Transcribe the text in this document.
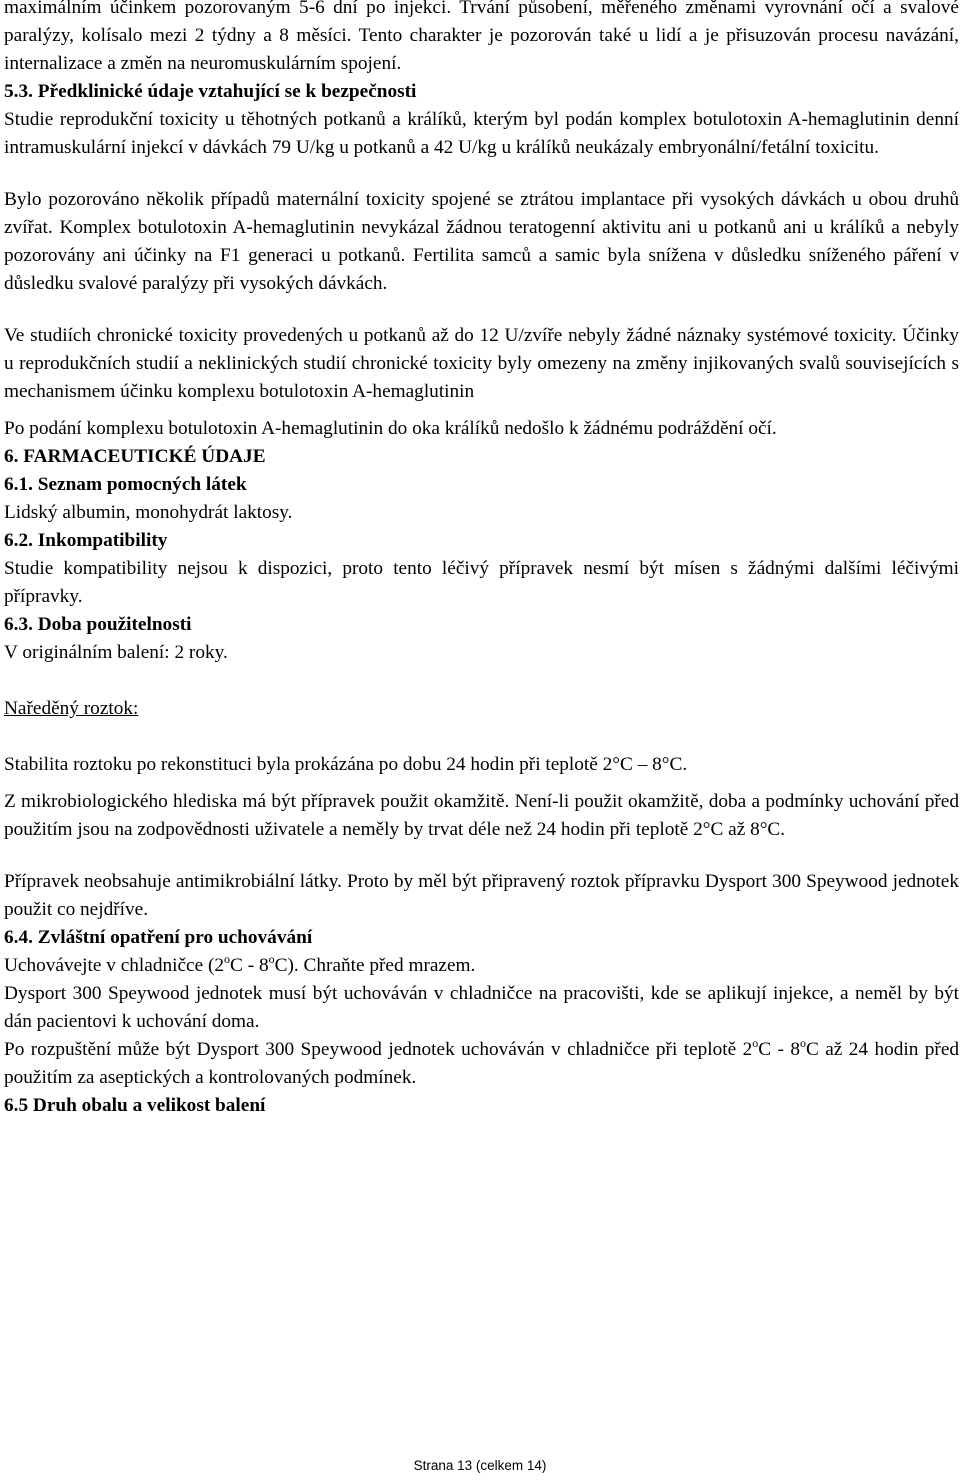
maximálním účinkem pozorovaným 5-6 dní po injekci. Trvání působení, měřeného změnami vyrovnání očí a svalové paralýzy, kolísalo mezi 2 týdny a 8 měsíci. Tento charakter je pozorován také u lidí a je přisuzován procesu navázání, internalizace a změn na neuromuskulárním spojení.

5.3. Předklinické údaje vztahující se k bezpečnosti

Studie reprodukční toxicity u těhotných potkanů a králíků, kterým byl podán komplex botulotoxin A-hemaglutinin denní intramuskulární injekcí v dávkách 79 U/kg u potkanů a 42 U/kg u králíků neukázaly embryonální/fetální toxicitu.

Bylo pozorováno několik případů maternální toxicity spojené se ztrátou implantace při vysokých dávkách u obou druhů zvířat. Komplex botulotoxin A-hemaglutinin nevykázal žádnou teratogenní aktivitu ani u potkanů ani u králíků a nebyly pozorovány ani účinky na F1 generaci u potkanů. Fertilita samců a samic byla snížena v důsledku sníženého páření v důsledku svalové paralýzy při vysokých dávkách.

Ve studiích chronické toxicity provedených u potkanů až do 12 U/zvíře nebyly žádné náznaky systémové toxicity. Účinky u reprodukčních studií a neklinických studií chronické toxicity byly omezeny na změny injikovaných svalů souvisejících s mechanismem účinku komplexu botulotoxin A-hemaglutinin

Po podání komplexu botulotoxin A-hemaglutinin do oka králíků nedošlo k žádnému podráždění očí.

6. FARMACEUTICKÉ ÚDAJE

6.1. Seznam pomocných látek

Lidský albumin, monohydrát laktosy.

6.2. Inkompatibility

Studie kompatibility nejsou k dispozici, proto tento léčivý přípravek nesmí být mísen s žádnými dalšími léčivými přípravky.

6.3. Doba použitelnosti

V originálním balení: 2 roky.

Naředěný roztok:

Stabilita roztoku po rekonstituci byla prokázána po dobu 24 hodin při teplotě 2°C – 8°C.

Z mikrobiologického hlediska má být přípravek použit okamžitě. Není-li použit okamžitě, doba a podmínky uchování před použitím jsou na zodpovědnosti uživatele a neměly by trvat déle než 24 hodin při teplotě 2°C až 8°C.

Přípravek neobsahuje antimikrobiální látky. Proto by měl být připravený roztok přípravku Dysport 300 Speywood jednotek použit co nejdříve.

6.4. Zvláštní opatření pro uchovávání

Uchovávejte v chladničce (2$^o$C - 8$^o$C). Chraňte před mrazem.

Dysport 300 Speywood jednotek musí být uchováván v chladničce na pracovišti, kde se aplikují injekce, a neměl by být dán pacientovi k uchování doma.

Po rozpuštění může být Dysport 300 Speywood jednotek uchováván v chladničce při teplotě 2$^o$C - 8$^o$C až 24 hodin před použitím za aseptických a kontrolovaných podmínek.

6.5 Druh obalu a velikost balení

Strana 13 (celkem 14)
